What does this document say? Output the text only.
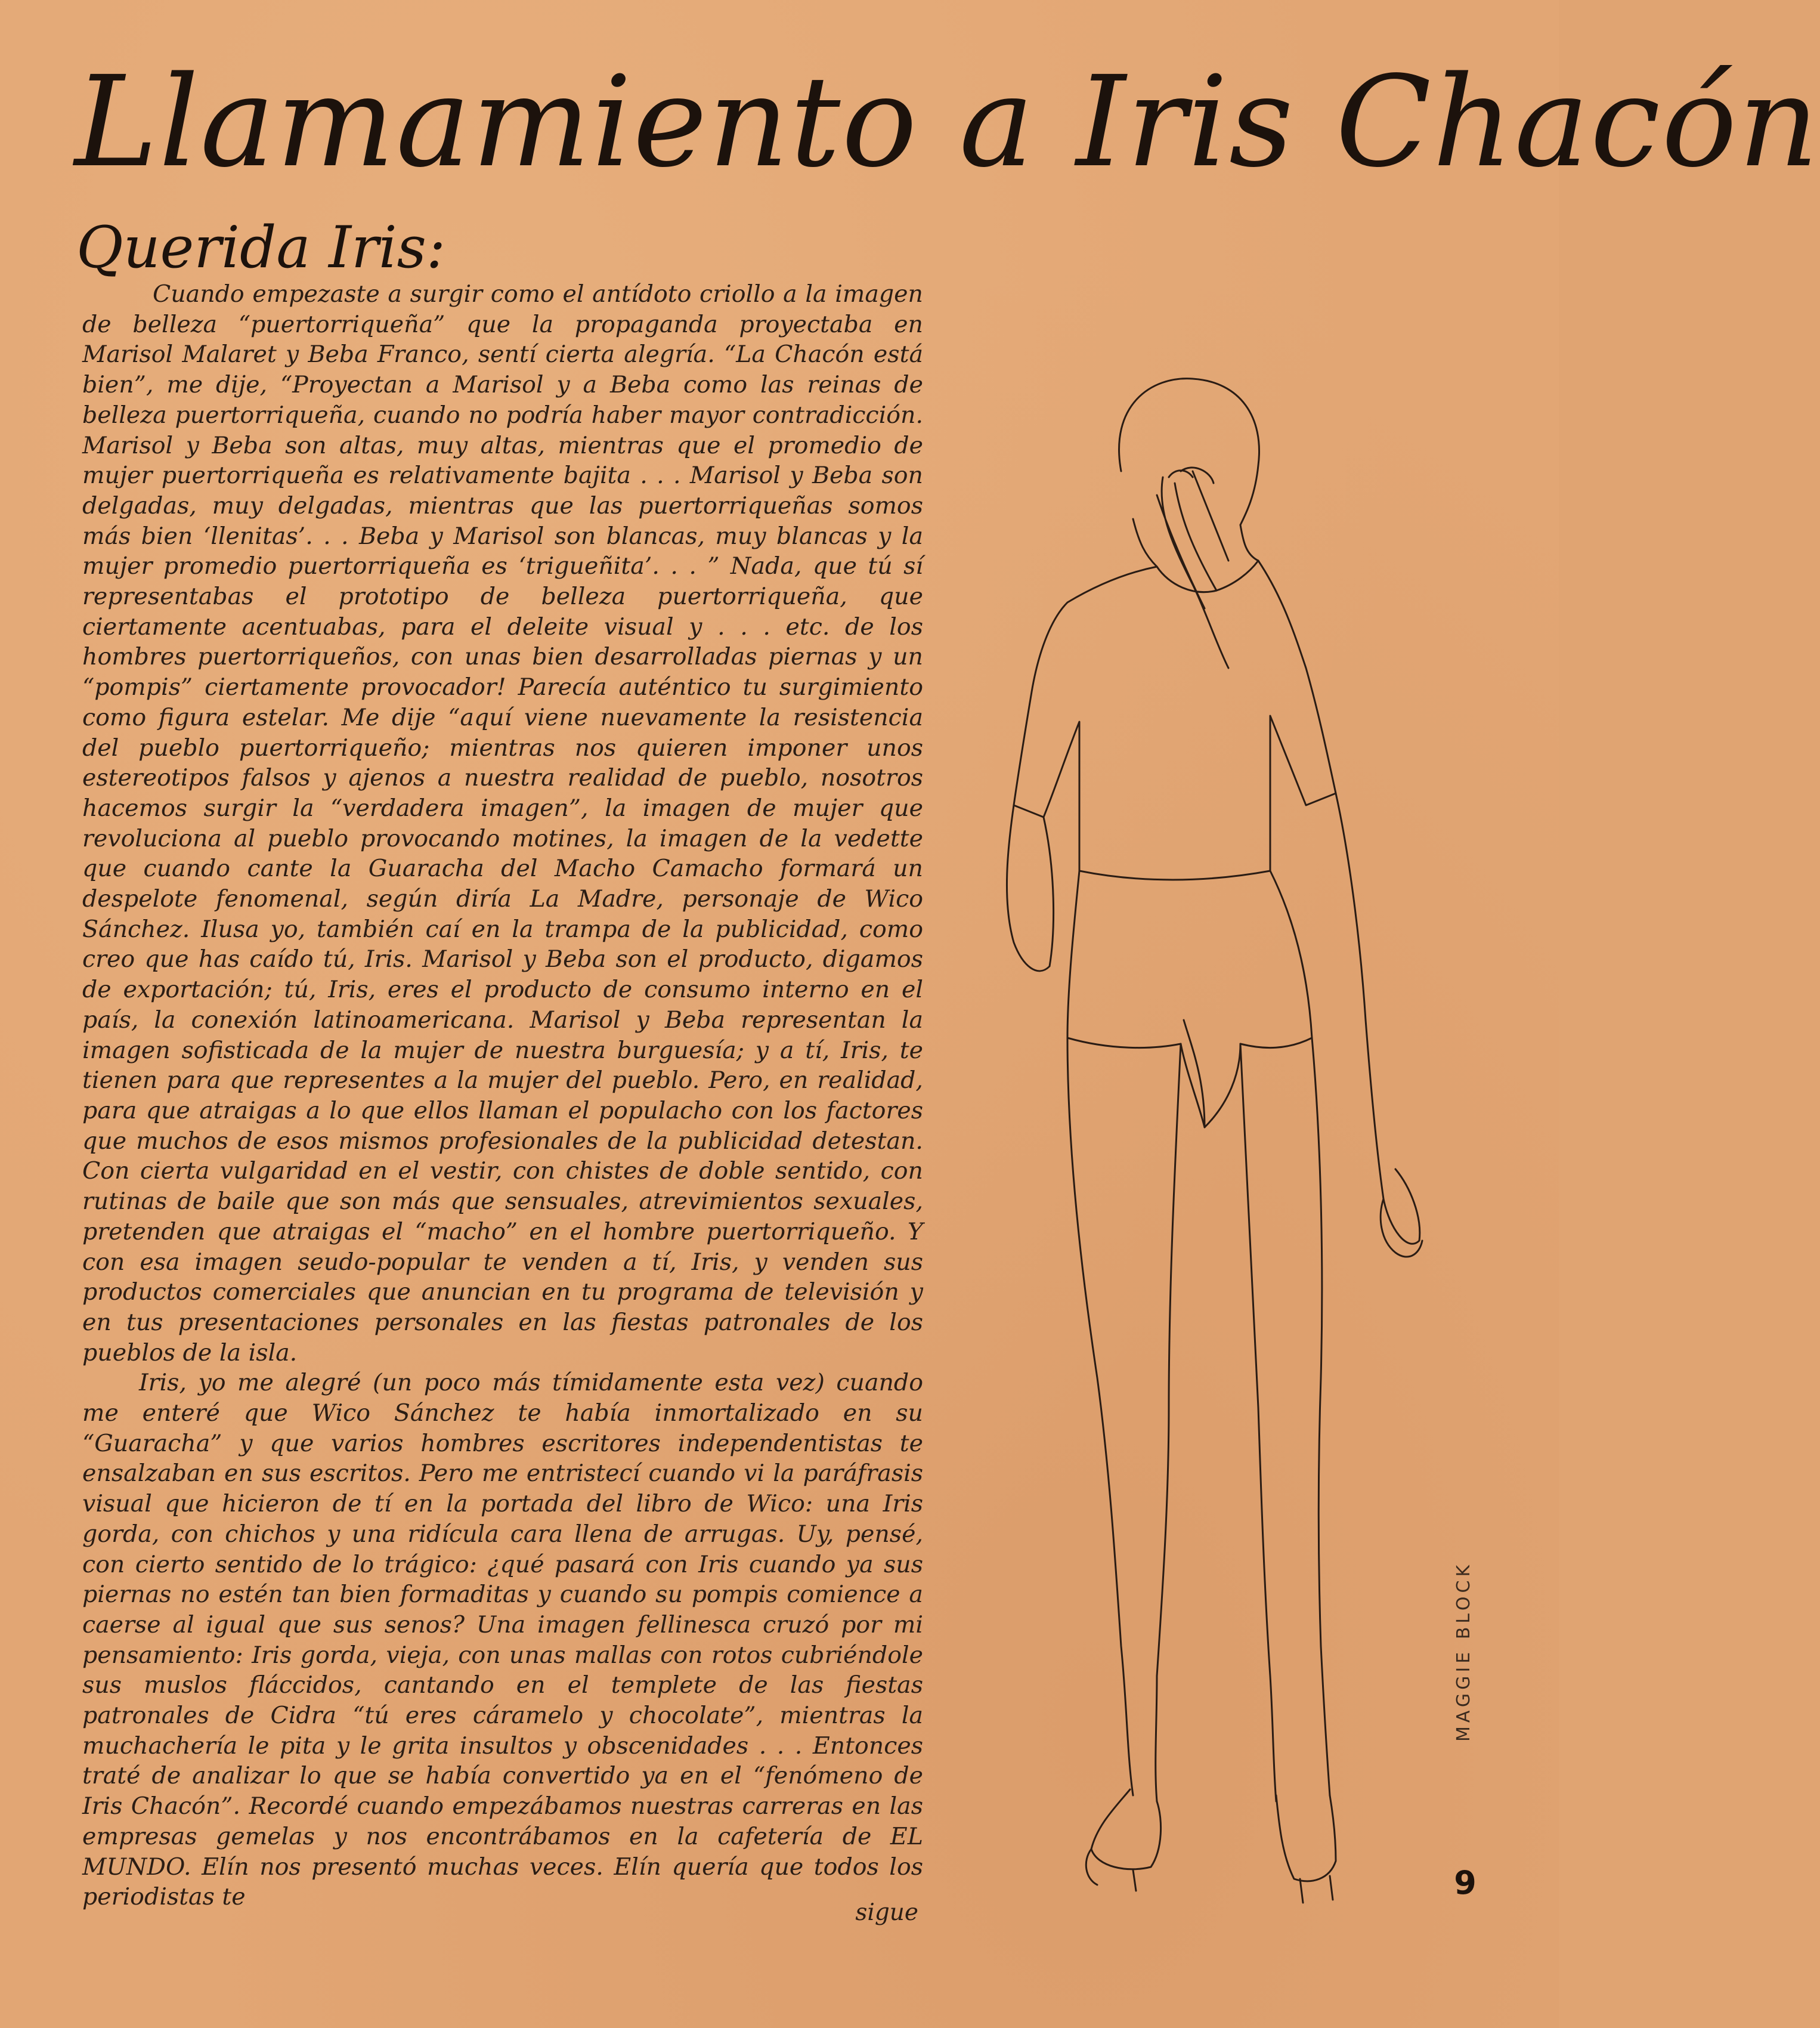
Llamamiento a Iris Chacón
Querida Iris:

Cuando empezaste a surgir como el antídoto criollo a la imagen de belleza “puertorriqueña” que la propaganda proyectaba en Marisol Malaret y Beba Franco, sentí cierta alegría. “La Chacón está bien”, me dije, “Proyectan a Marisol y a Beba como las reinas de belleza puertorriqueña, cuando no podría haber mayor contradicción. Marisol y Beba son altas, muy altas, mientras que el promedio de mujer puertorriqueña es relativamente bajita . . . Marisol y Beba son delgadas, muy delgadas, mientras que las puertorriqueñas somos más bien ‘llenitas’. . . Beba y Marisol son blancas, muy blancas y la mujer promedio puertorriqueña es ‘trigueñita’. . . ” Nada, que tú sí representabas el prototipo de belleza puertorriqueña, que ciertamente acentuabas, para el deleite visual y . . . etc. de los hombres puertorriqueños, con unas bien desarrolladas piernas y un “pompis” ciertamente provocador! Parecía auténtico tu surgimiento como figura estelar. Me dije “aquí viene nuevamente la resistencia del pueblo puertorriqueño; mientras nos quieren imponer unos estereotipos falsos y ajenos a nuestra realidad de pueblo, nosotros hacemos surgir la “verdadera imagen”, la imagen de mujer que revoluciona al pueblo provocando motines, la imagen de la vedette que cuando cante la Guaracha del Macho Camacho formará un despelote fenomenal, según diría La Madre, personaje de Wico Sánchez. Ilusa yo, también caí en la trampa de la publicidad, como creo que has caído tú, Iris. Marisol y Beba son el producto, digamos de exportación; tú, Iris, eres el producto de consumo interno en el país, la conexión latinoamericana. Marisol y Beba representan la imagen sofisticada de la mujer de nuestra burguesía; y a tí, Iris, te tienen para que representes a la mujer del pueblo. Pero, en realidad, para que atraigas a lo que ellos llaman el populacho con los factores que muchos de esos mismos profesionales de la publicidad detestan. Con cierta vulgaridad en el vestir, con chistes de doble sentido, con rutinas de baile que son más que sensuales, atrevimientos sexuales, pretenden que atraigas el “macho” en el hombre puertorriqueño. Y con esa imagen seudo-popular te venden a tí, Iris, y venden sus productos comerciales que anuncian en tu programa de televisión y en tus presentaciones personales en las fiestas patronales de los pueblos de la isla.

Iris, yo me alegré (un poco más tímidamente esta vez) cuando me enteré que Wico Sánchez te había inmortalizado en su “Guaracha” y que varios hombres escritores independentistas te ensalzaban en sus escritos. Pero me entristecí cuando vi la paráfrasis visual que hicieron de tí en la portada del libro de Wico: una Iris gorda, con chichos y una ridícula cara llena de arrugas. Uy, pensé, con cierto sentido de lo trágico: ¿qué pasará con Iris cuando ya sus piernas no estén tan bien formaditas y cuando su pompis comience a caerse al igual que sus senos? Una imagen fellinesca cruzó por mi pensamiento: Iris gorda, vieja, con unas mallas con rotos cubriéndole sus muslos fláccidos, cantando en el templete de las fiestas patronales de Cidra “tú eres cáramelo y chocolate”, mientras la muchachería le pita y le grita insultos y obscenidades . . . Entonces traté de analizar lo que se había convertido ya en el “fenómeno de Iris Chacón”. Recordé cuando empezábamos nuestras carreras en las empresas gemelas y nos encontrábamos en la cafetería de EL MUNDO. Elín nos presentó muchas veces. Elín quería que todos los periodistas te

sigue
MAGGIE BLOCK
9
